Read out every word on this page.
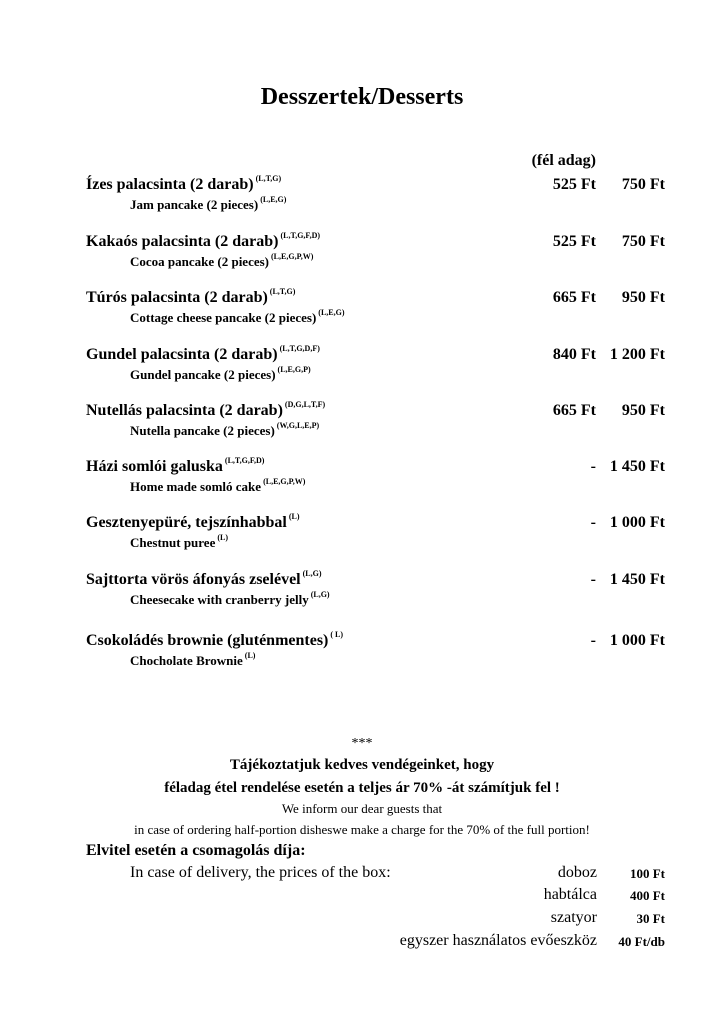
Desszertek/Desserts
(fél adag)
Ízes palacsinta (2 darab) $^{(L,T,G)}$
Jam pancake (2 pieces) $^{(L,E,G)}$
525 Ft 750 Ft
Kakaós palacsinta (2 darab) $^{(L,T,G,F,D)}$
Cocoa pancake (2 pieces) $^{(L,E,G,P,W)}$
525 Ft 750 Ft
Túrós palacsinta (2 darab) $^{(L,T,G)}$
Cottage cheese pancake (2 pieces) $^{(L,E,G)}$
665 Ft 950 Ft
Gundel palacsinta (2 darab) $^{(L,T,G,D,F)}$
Gundel pancake (2 pieces) $^{(L,E,G,P)}$
840 Ft 1 200 Ft
Nutellás palacsinta (2 darab) $^{(D,G,L,T,F)}$
Nutella pancake (2 pieces) $^{(W,G,L,E,P)}$
665 Ft 950 Ft
Házi somlói galuska $^{(L,T,G,F,D)}$
Home made somló cake $^{(L,E,G,P,W)}$
- 1 450 Ft
Gesztenyepüré, tejszínhabbal $^{(L)}$
Chestnut puree $^{(L)}$
- 1 000 Ft
Sajttorta vörös áfonyás zselével $^{(L,G)}$
Cheesecake with cranberry jelly $^{(L,G)}$
- 1 450 Ft
Csokoládés brownie (gluténmentes) $^{( L)}$
Chocholate Brownie $^{(L)}$
- 1 000 Ft
***
Tájékoztatjuk kedves vendégeinket, hogy
féladag étel rendelése esetén a teljes ár 70% -át számítjuk fel !
We inform our dear guests that
in case of ordering half-portion disheswe make a charge for the 70% of the full portion!
Elvitel esetén a csomagolás díja:
In case of delivery, the prices of the box:	doboz	100 Ft
habtálca	400 Ft
szatyor	30 Ft
egyszer használatos evőeszköz 40 Ft/db
